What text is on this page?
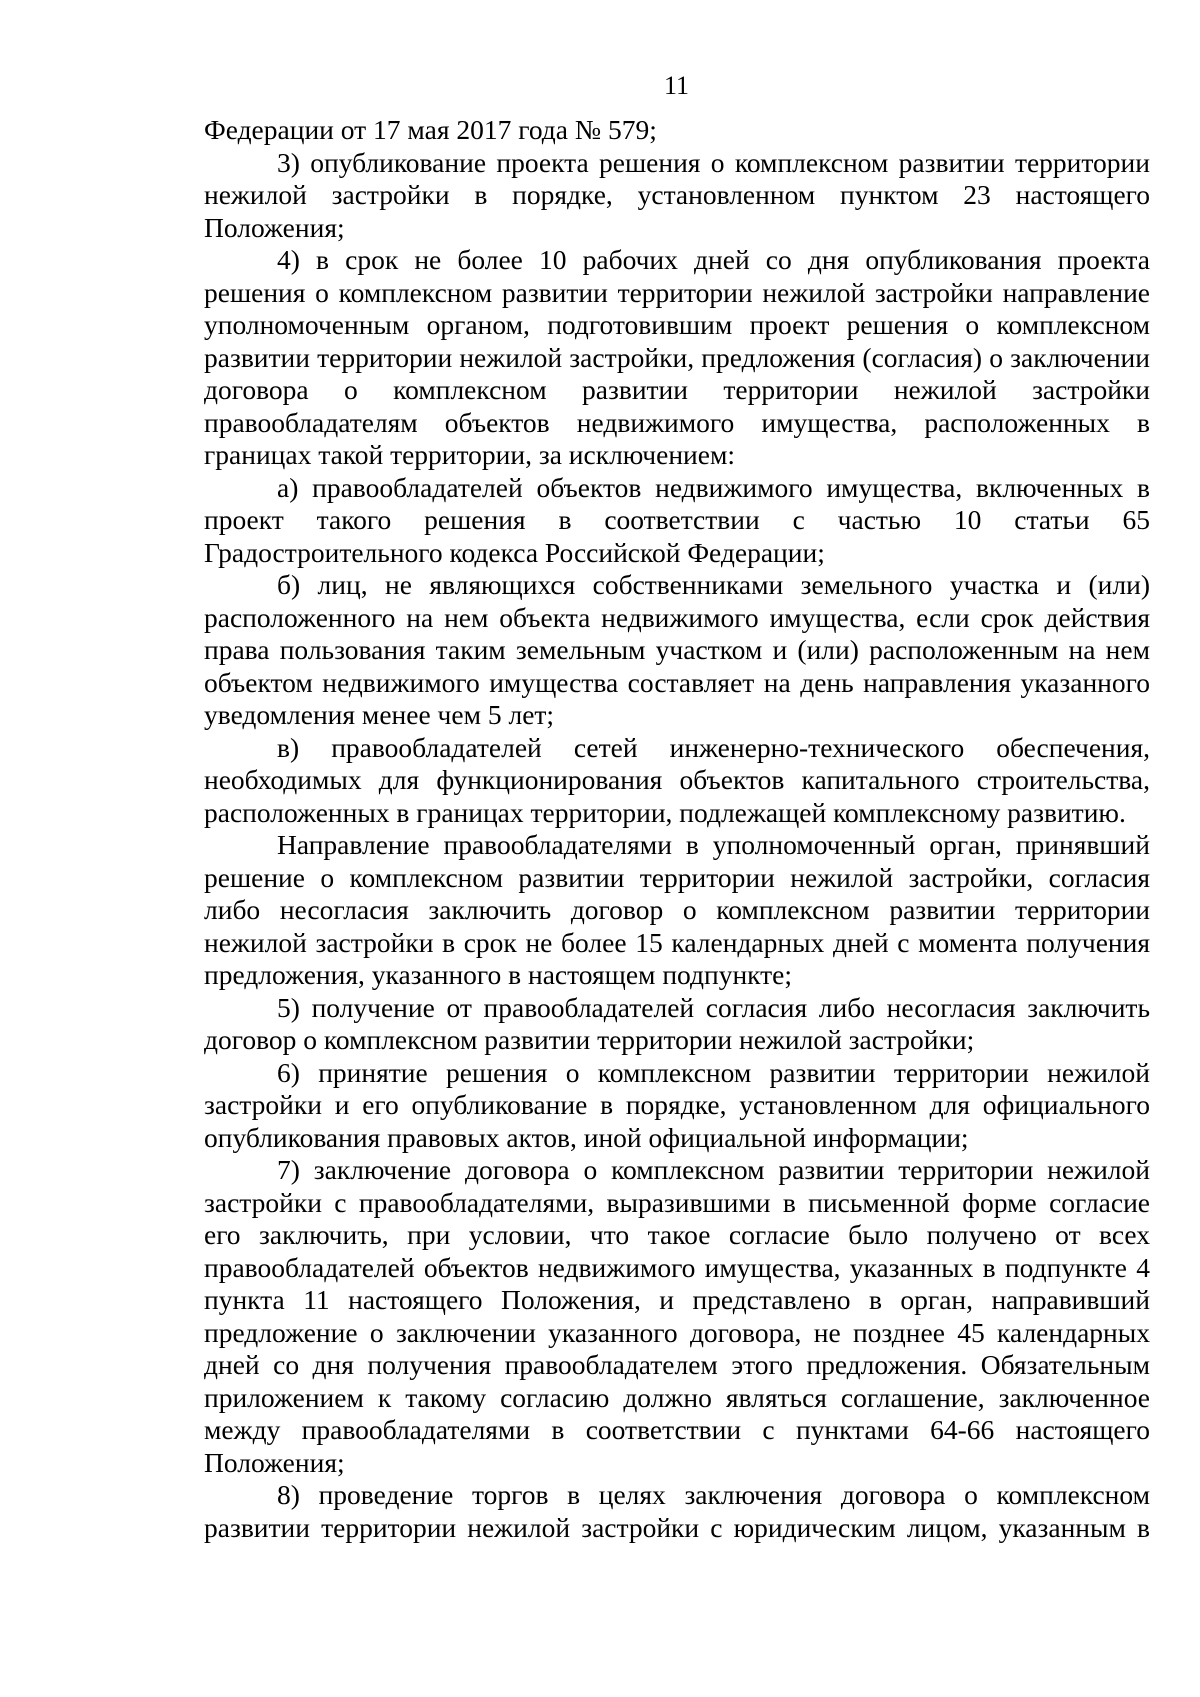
11

Федерации от 17 мая 2017 года № 579;

3) опубликование проекта решения о комплексном развитии территории нежилой застройки в порядке, установленном пунктом 23 настоящего Положения;

4) в срок не более 10 рабочих дней со дня опубликования проекта решения о комплексном развитии территории нежилой застройки направление уполномоченным органом, подготовившим проект решения о комплексном развитии территории нежилой застройки, предложения (согласия) о заключении договора о комплексном развитии территории нежилой застройки правообладателям объектов недвижимого имущества, расположенных в границах такой территории, за исключением:

а) правообладателей объектов недвижимого имущества, включенных в проект такого решения в соответствии с частью 10 статьи 65 Градостроительного кодекса Российской Федерации;

б) лиц, не являющихся собственниками земельного участка и (или) расположенного на нем объекта недвижимого имущества, если срок действия права пользования таким земельным участком и (или) расположенным на нем объектом недвижимого имущества составляет на день направления указанного уведомления менее чем 5 лет;

в) правообладателей сетей инженерно-технического обеспечения, необходимых для функционирования объектов капитального строительства, расположенных в границах территории, подлежащей комплексному развитию.

Направление правообладателями в уполномоченный орган, принявший решение о комплексном развитии территории нежилой застройки, согласия либо несогласия заключить договор о комплексном развитии территории нежилой застройки в срок не более 15 календарных дней с момента получения предложения, указанного в настоящем подпункте;

5) получение от правообладателей согласия либо несогласия заключить договор о комплексном развитии территории нежилой застройки;

6) принятие решения о комплексном развитии территории нежилой застройки и его опубликование в порядке, установленном для официального опубликования правовых актов, иной официальной информации;

7) заключение договора о комплексном развитии территории нежилой застройки с правообладателями, выразившими в письменной форме согласие его заключить, при условии, что такое согласие было получено от всех правообладателей объектов недвижимого имущества, указанных в подпункте 4 пункта 11 настоящего Положения, и представлено в орган, направивший предложение о заключении указанного договора, не позднее 45 календарных дней со дня получения правообладателем этого предложения. Обязательным приложением к такому согласию должно являться соглашение, заключенное между правообладателями в соответствии с пунктами 64-66 настоящего Положения;

8) проведение торгов в целях заключения договора о комплексном развитии территории нежилой застройки с юридическим лицом, указанным в
